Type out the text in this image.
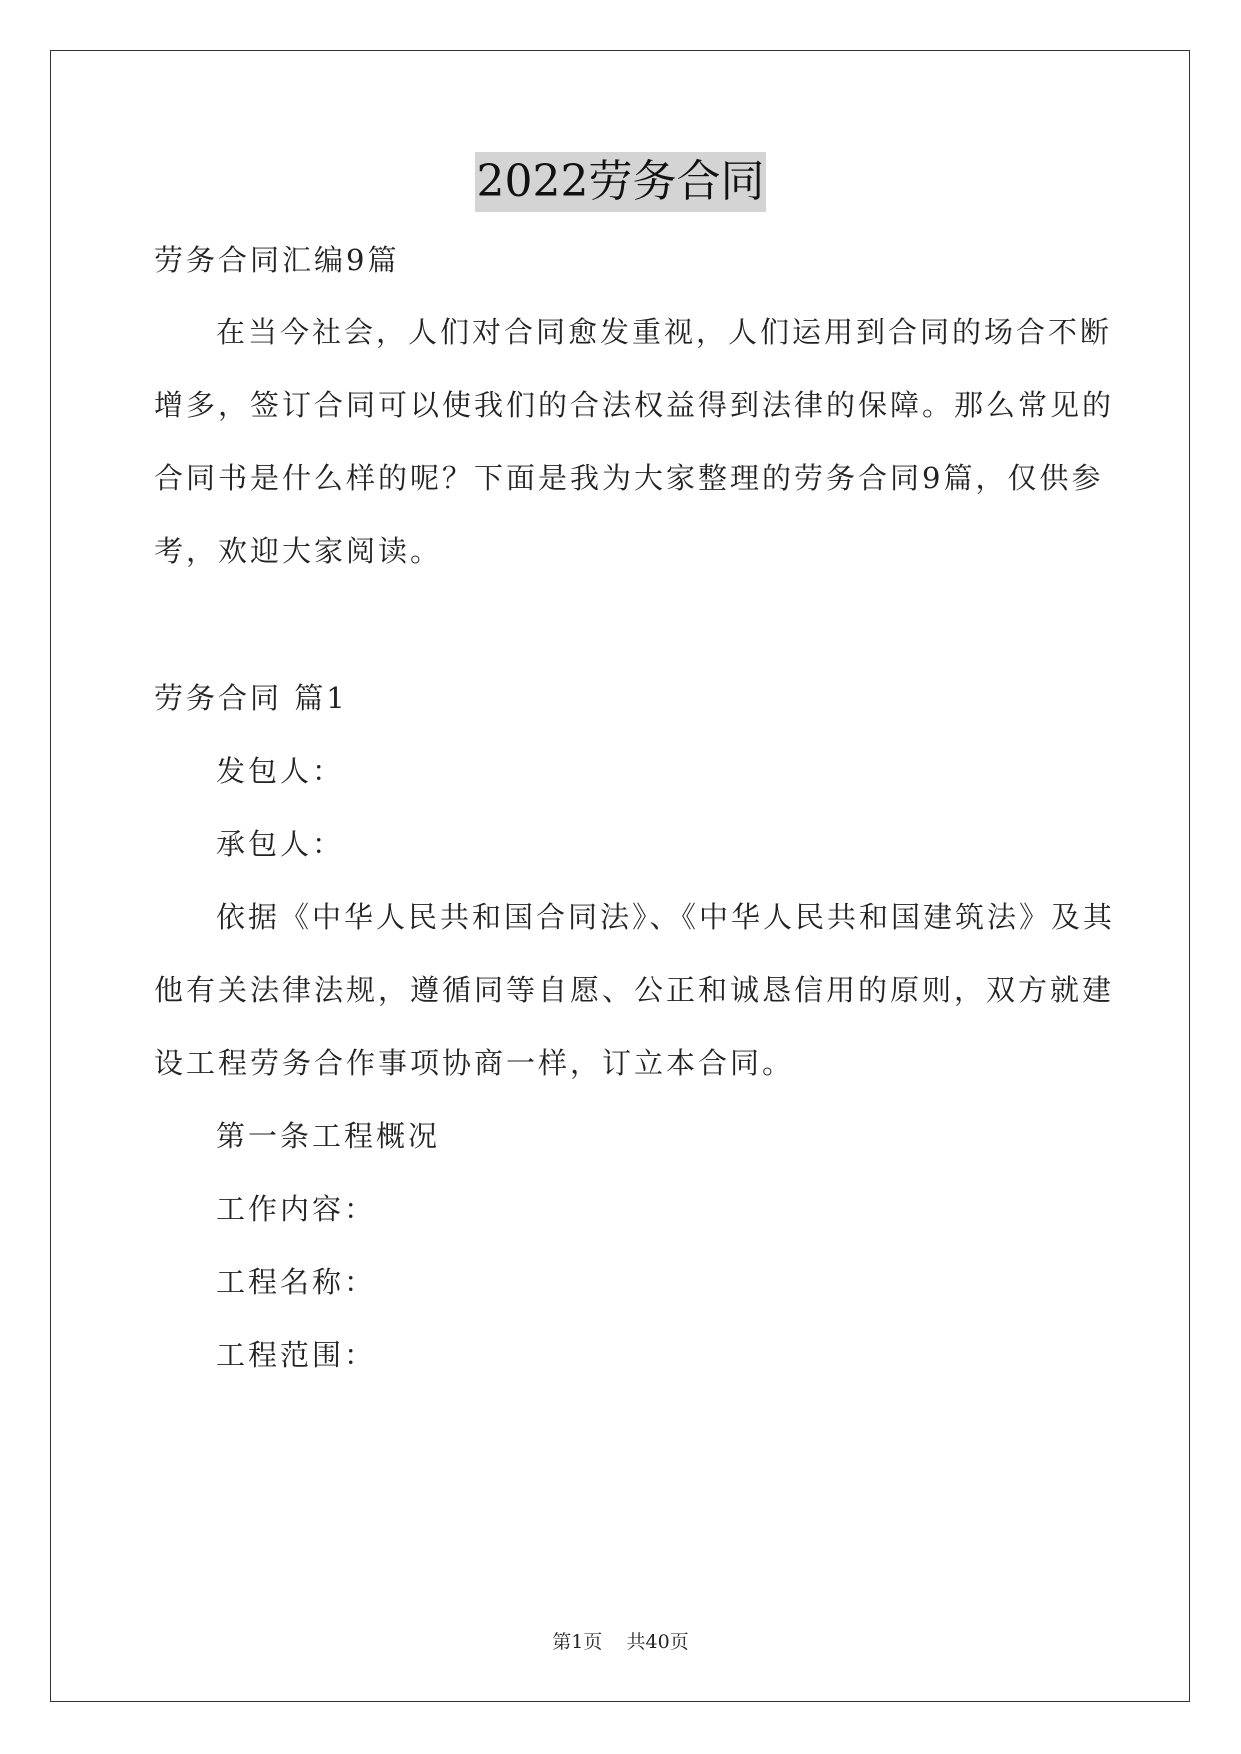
2022劳务合同
劳务合同汇编9篇
在当今社会，人们对合同愈发重视，人们运用到合同的场合不断
增多，签订合同可以使我们的合法权益得到法律的保障。那么常见的
合同书是什么样的呢？下面是我为大家整理的劳务合同9篇，仅供参
考，欢迎大家阅读。
劳务合同 篇1
发包人：
承包人：
依据《中华人民共和国合同法》、《中华人民共和国建筑法》及其
他有关法律法规，遵循同等自愿、公正和诚恳信用的原则，双方就建
设工程劳务合作事项协商一样，订立本合同。
第一条工程概况
工作内容：
工程名称：
工程范围：
第1页    共40页
